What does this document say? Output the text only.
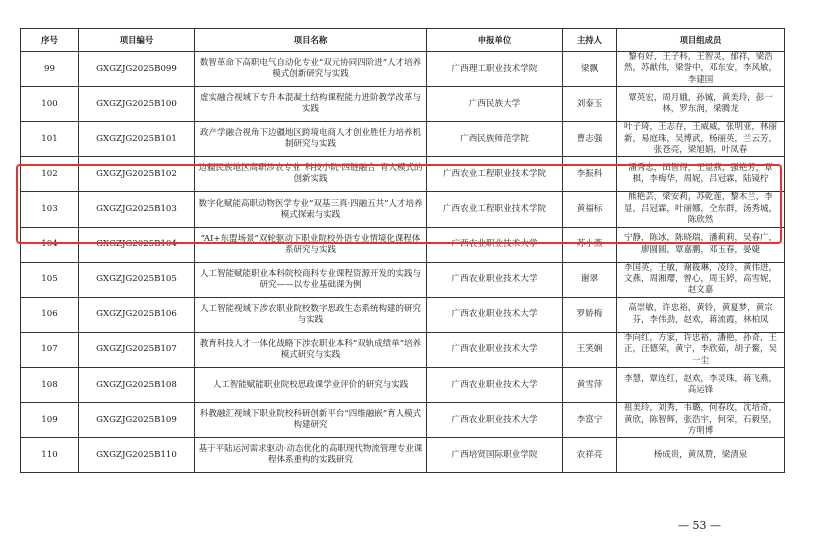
序号	项目编号	项目名称	申报单位	主持人	项目组成员
99	GXGZJG2025B099	数智革命下高职电气自动化专业“双元协同四阶进”人才培养模式创新研究与实践	广西理工职业技术学院	梁飘	黎有好，王子科，王智灵，郁祥，梁浩然，苏献伟，梁誉中，邓东安，李风敏，李建国
100	GXGZJG2025B100	虚实融合视域下专升本混凝土结构课程能力进阶教学改革与实践	广西民族大学	刘泰玉	覃英宏，周月娥，孙铖，黄美玲，彭一林，罗东润，梁腾龙
101	GXGZJG2025B101	政产学融合视角下边疆地区跨境电商人才创业胜任力培养机制研究与实践	广西民族师范学院	曹志强	叶子琦，王志存，王威威，张明亚，林丽新，易庭珠，吴博武，杨丽英，兰云芳，张苍亮，梁旭娟，叶凤春
102	GXGZJG2025B102	边疆民族地区高职涉农专业“科技小院·四链融合”育人模式的创新实践	广西农业工程职业技术学院	李振科	潘秀忠，田智得，王显燕，强艳芳，覃棋，李梅华，周妮，吕冠霖，陆镜柠
103	GXGZJG2025B103	数字化赋能高职动物医学专业“双基三真·四融五共”人才培养模式探索与实践	广西农业工程职业技术学院	黄福标	熊艳芸，梁安莉，苏乾莲，黎木兰，李显，吕冠霖，叶丽娜，仝东群，汤秀城，陈欣然
104	GXGZJG2025B104	“AI+东盟场景”双轮驱动下职业院校外语专业情境化课程体系研究与实践	广西农业职业技术大学	苏小燕	宁静，陈冰，陈晓瑞，潘莉莉，吴春广，廖圆圆，覃嘉鹏，邓玉春，晏婕
105	GXGZJG2025B105	人工智能赋能职业本科院校商科专业课程资源开发的实践与研究——以专业基础课为例	广西农业职业技术大学	谢翠	李国英，王敏，谢筱琳，凌玲，黄伟进，文燕，周湘璎，曾心，周玉婷，高雪妮，赵文嘉
106	GXGZJG2025B106	人工智能视域下涉农职业院校数字思政生态系统构建的研究与实践	广西农业职业技术大学	罗娇梅	高崇敏，许忠裕，黄铃，黄夏梦，黄宗芬，李伟劲，赵欢，蒋流霞，林柏凤
107	GXGZJG2025B107	教育科技人才一体化战略下涉农职业本科“双轨成绩单”培养模式研究与实践	广西农业职业技术大学	王笑娴	李向红，方家，许忠裕，潘艳，孙奇，王正，汪德荣，黄宁，李欣茹，胡子鳌，吴一尘
108	GXGZJG2025B108	人工智能赋能职业院校思政课学业评价的研究与实践	广西农业职业技术大学	黄雪萍	李慧，覃连红，赵欢，李灵珠，蒋飞燕，高运锋
109	GXGZJG2025B109	科教融汇视域下职业院校科研创新平台“四维融嵌”育人模式构建研究	广西农业职业技术大学	李富宁	祖美玲，刘秀，韦璐，何春玫，沈培奇，黄欣，陈智辉，张浩宇，何荣，石毅坚，方明博
110	GXGZJG2025B110	基于平陆运河需求驱动·动态优化的高职现代物流管理专业课程体系重构的实践研究	广西培贤国际职业学院	农祥亮	杨成贵，黄凤赞，梁清泉
— 53 —
